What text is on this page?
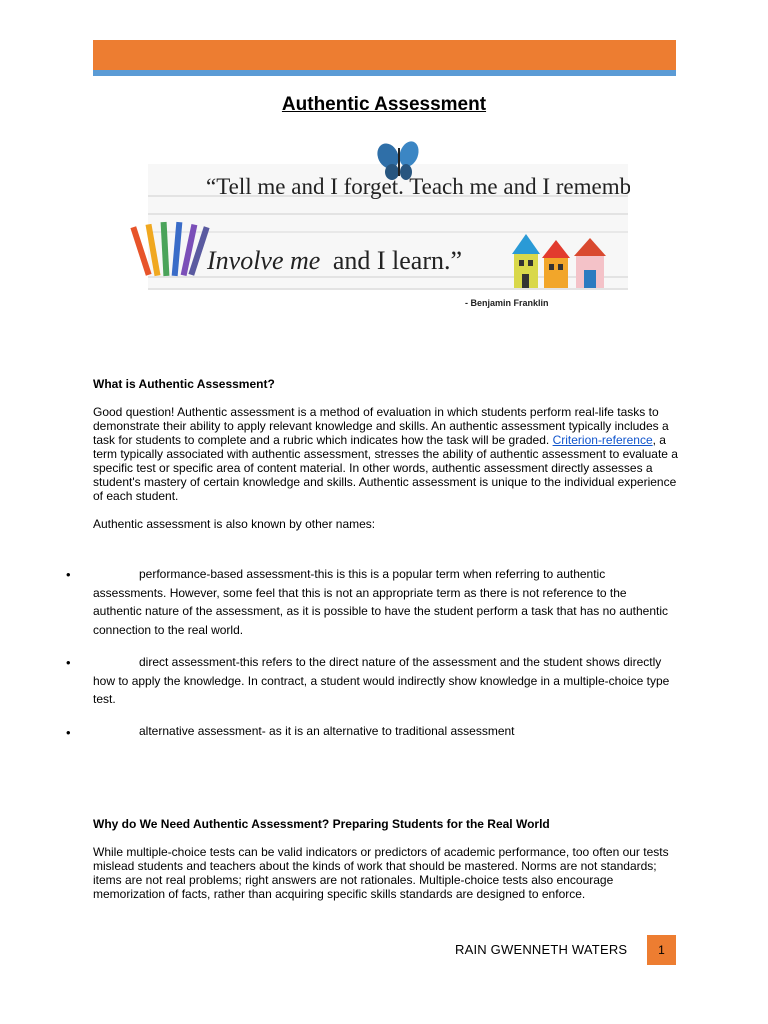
Authentic Assessment
“Tell me and I forget. Teach me and I remember.
Involve me and I learn.”
- Benjamin Franklin
What is Authentic Assessment?
Good question! Authentic assessment is a method of evaluation in which students perform real-life tasks to demonstrate their ability to apply relevant knowledge and skills. An authentic assessment typically includes a task for students to complete and a rubric which indicates how the task will be graded. Criterion-reference, a term typically associated with authentic assessment, stresses the ability of authentic assessment to evaluate a specific test or specific area of content material. In other words, authentic assessment directly assesses a student's mastery of certain knowledge and skills. Authentic assessment is unique to the individual experience of each student.
Authentic assessment is also known by other names:
•	performance-based assessment-this is this is a popular term when referring to authentic assessments. However, some feel that this is not an appropriate term as there is not reference to the authentic nature of the assessment, as it is possible to have the student perform a task that has no authentic connection to the real world.
•	direct assessment-this refers to the direct nature of the assessment and the student shows directly how to apply the knowledge. In contract, a student would indirectly show knowledge in a multiple-choice type test.
•	alternative assessment- as it is an alternative to traditional assessment
Why do We Need Authentic Assessment? Preparing Students for the Real World
While multiple-choice tests can be valid indicators or predictors of academic performance, too often our tests mislead students and teachers about the kinds of work that should be mastered. Norms are not standards; items are not real problems; right answers are not rationales. Multiple-choice tests also encourage memorization of facts, rather than acquiring specific skills standards are designed to enforce.
RAIN GWENNETH WATERS	1
